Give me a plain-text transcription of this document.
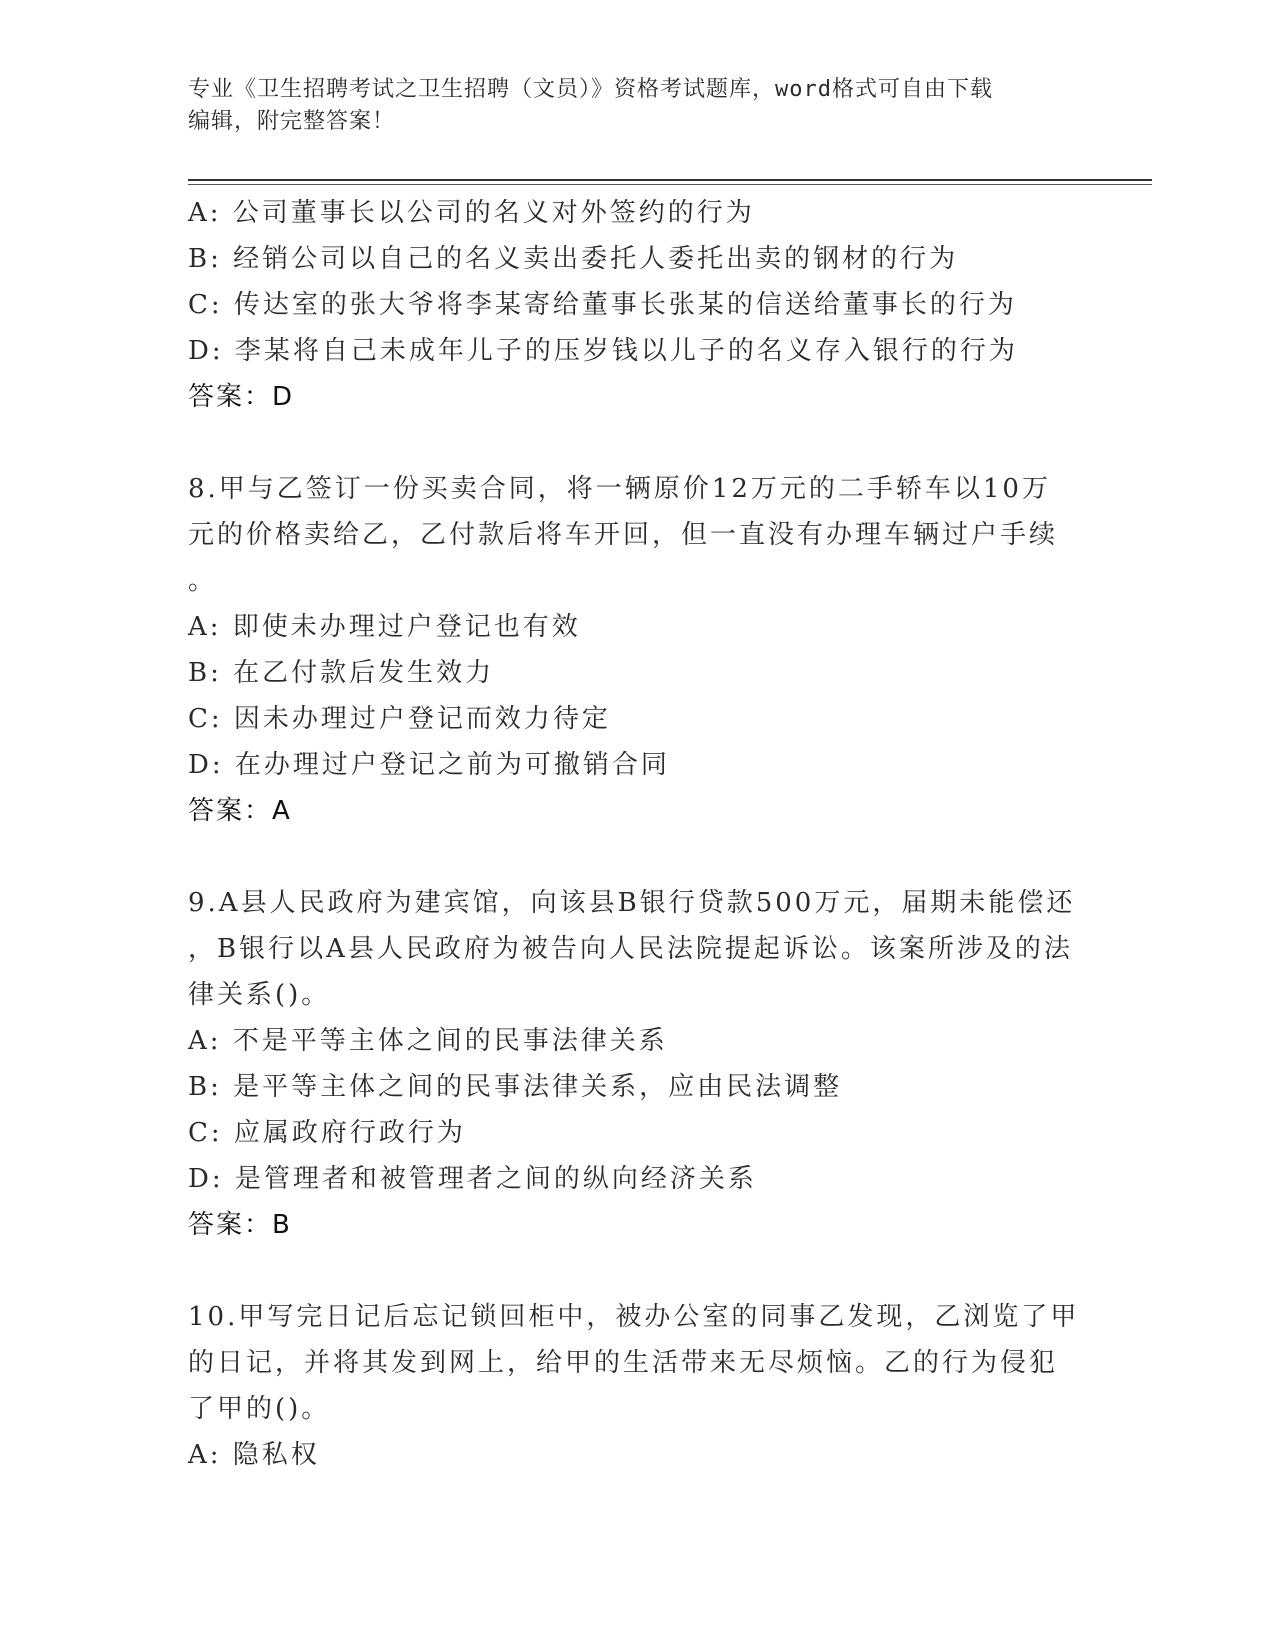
专业《卫生招聘考试之卫生招聘（文员）》资格考试题库，word格式可自由下载
编辑，附完整答案！
A: 公司董事长以公司的名义对外签约的行为
B: 经销公司以自己的名义卖出委托人委托出卖的钢材的行为
C: 传达室的张大爷将李某寄给董事长张某的信送给董事长的行为
D: 李某将自己未成年儿子的压岁钱以儿子的名义存入银行的行为
答案：D
8.甲与乙签订一份买卖合同，将一辆原价12万元的二手轿车以10万
元的价格卖给乙，乙付款后将车开回，但一直没有办理车辆过户手续
。
A: 即使未办理过户登记也有效
B: 在乙付款后发生效力
C: 因未办理过户登记而效力待定
D: 在办理过户登记之前为可撤销合同
答案：A
9.A县人民政府为建宾馆，向该县B银行贷款500万元，届期未能偿还
，B银行以A县人民政府为被告向人民法院提起诉讼。该案所涉及的法
律关系()。
A: 不是平等主体之间的民事法律关系
B: 是平等主体之间的民事法律关系，应由民法调整
C: 应属政府行政行为
D: 是管理者和被管理者之间的纵向经济关系
答案：B
10.甲写完日记后忘记锁回柜中，被办公室的同事乙发现，乙浏览了甲
的日记，并将其发到网上，给甲的生活带来无尽烦恼。乙的行为侵犯
了甲的()。
A: 隐私权
